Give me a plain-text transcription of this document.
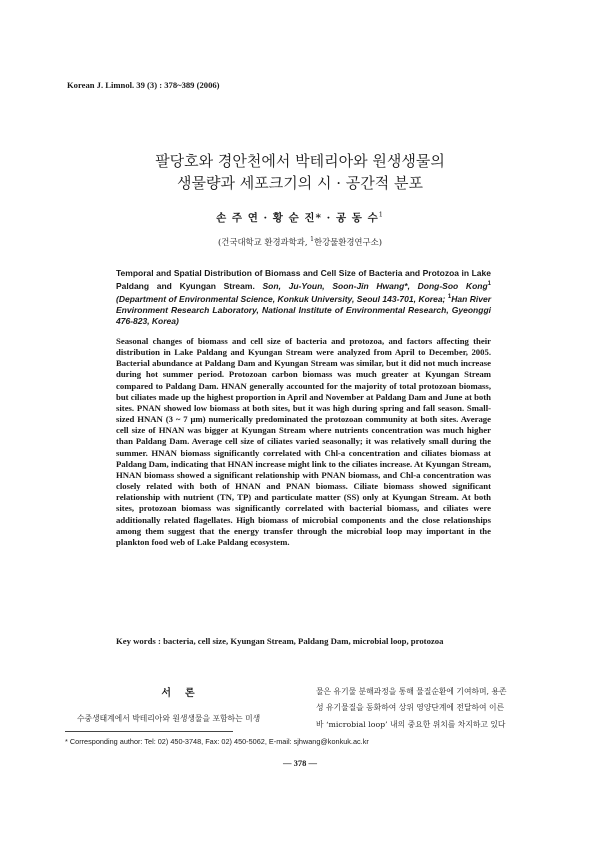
Korean J. Limnol. 39 (3) : 378~389 (2006)
팔당호와 경안천에서 박테리아와 원생생물의
생물량과 세포크기의 시 · 공간적 분포
손 주 연 · 황 순 진* · 공 동 수$^1$
(건국대학교 환경과학과, $^1$한강물환경연구소)
Temporal and Spatial Distribution of Biomass and Cell Size of Bacteria and Protozoa in Lake Paldang and Kyungan Stream. Son, Ju-Youn, Soon-Jin Hwang*, Dong-Soo Kong$^1$ (Department of Environmental Science, Konkuk University, Seoul 143-701, Korea; $^1$Han River Environment Research Laboratory, National Institute of Environmental Research, Gyeonggi 476-823, Korea)

Seasonal changes of biomass and cell size of bacteria and protozoa, and factors affecting their distribution in Lake Paldang and Kyungan Stream were analyzed from April to December, 2005. Bacterial abundance at Paldang Dam and Kyungan Stream was similar, but it did not much increase during hot summer period. Protozoan carbon biomass was much greater at Kyungan Stream compared to Paldang Dam. HNAN generally accounted for the majority of total protozoan biomass, but ciliates made up the highest proportion in April and November at Paldang Dam and June at both sites. PNAN showed low biomass at both sites, but it was high during spring and fall season. Small-sized HNAN (3 ~ 7 μm) numerically predominated the protozoan community at both sites. Average cell size of HNAN was bigger at Kyungan Stream where nutrients concentration was much higher than Paldang Dam. Average cell size of ciliates varied seasonally; it was relatively small during the summer. HNAN biomass significantly correlated with Chl-a concentration and ciliates biomass at Paldang Dam, indicating that HNAN increase might link to the ciliates increase. At Kyungan Stream, HNAN biomass showed a significant relationship with PNAN biomass, and Chl-a concentration was closely related with both of HNAN and PNAN biomass. Ciliate biomass showed significant relationship with nutrient (TN, TP) and particulate matter (SS) only at Kyungan Stream. At both sites, protozoan biomass was significantly correlated with bacterial biomass, and ciliates were additionally related flagellates. High biomass of microbial components and the close relationships among them suggest that the energy transfer through the microbial loop may important in the plankton food web of Lake Paldang ecosystem.

Key words : bacteria, cell size, Kyungan Stream, Paldang Dam, microbial loop, protozoa
서론
수중생태계에서 박테리아와 원생생물을 포함하는 미생
물은 유기물 분해과정을 통해 물질순환에 기여하며, 용존
성 유기물질을 동화하여 상위 영양단계에 전달하여 이른
바 ‘microbial loop’ 내의 중요한 위치를 차지하고 있다
* Corresponding author: Tel: 02) 450-3748, Fax: 02) 450-5062, E-mail: sjhwang@konkuk.ac.kr
— 378 —
